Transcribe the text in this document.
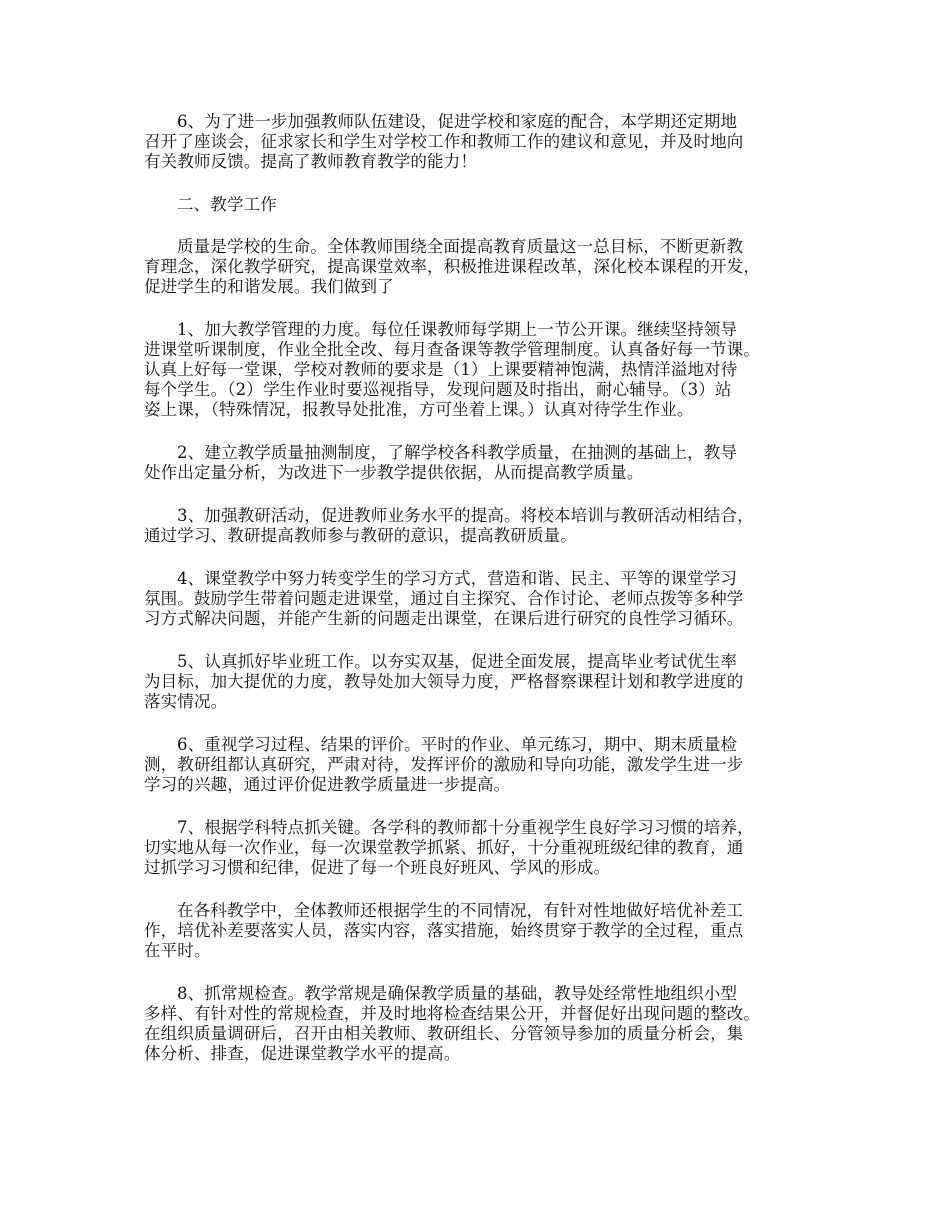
6、为了进一步加强教师队伍建设，促进学校和家庭的配合，本学期还定期地
召开了座谈会，征求家长和学生对学校工作和教师工作的建议和意见，并及时地向
有关教师反馈。提高了教师教育教学的能力！

二、教学工作

质量是学校的生命。全体教师围绕全面提高教育质量这一总目标，不断更新教
育理念，深化教学研究，提高课堂效率，积极推进课程改革，深化校本课程的开发，
促进学生的和谐发展。我们做到了

1、加大教学管理的力度。每位任课教师每学期上一节公开课。继续坚持领导
进课堂听课制度，作业全批全改、每月查备课等教学管理制度。认真备好每一节课。
认真上好每一堂课，学校对教师的要求是（1）上课要精神饱满，热情洋溢地对待
每个学生。（2）学生作业时要巡视指导，发现问题及时指出，耐心辅导。（3）站
姿上课，（特殊情况，报教导处批准，方可坐着上课。）认真对待学生作业。

2、建立教学质量抽测制度，了解学校各科教学质量，在抽测的基础上，教导
处作出定量分析，为改进下一步教学提供依据，从而提高教学质量。

3、加强教研活动，促进教师业务水平的提高。将校本培训与教研活动相结合，
通过学习、教研提高教师参与教研的意识，提高教研质量。

4、课堂教学中努力转变学生的学习方式，营造和谐、民主、平等的课堂学习
氛围。鼓励学生带着问题走进课堂，通过自主探究、合作讨论、老师点拨等多种学
习方式解决问题，并能产生新的问题走出课堂，在课后进行研究的良性学习循环。

5、认真抓好毕业班工作。以夯实双基，促进全面发展，提高毕业考试优生率
为目标，加大提优的力度，教导处加大领导力度，严格督察课程计划和教学进度的
落实情况。

6、重视学习过程、结果的评价。平时的作业、单元练习，期中、期末质量检
测，教研组都认真研究，严肃对待，发挥评价的激励和导向功能，激发学生进一步
学习的兴趣，通过评价促进教学质量进一步提高。

7、根据学科特点抓关键。各学科的教师都十分重视学生良好学习习惯的培养，
切实地从每一次作业，每一次课堂教学抓紧、抓好，十分重视班级纪律的教育，通
过抓学习习惯和纪律，促进了每一个班良好班风、学风的形成。

在各科教学中，全体教师还根据学生的不同情况，有针对性地做好培优补差工
作，培优补差要落实人员，落实内容，落实措施，始终贯穿于教学的全过程，重点
在平时。

8、抓常规检查。教学常规是确保教学质量的基础，教导处经常性地组织小型
多样、有针对性的常规检查，并及时地将检查结果公开，并督促好出现问题的整改。
在组织质量调研后，召开由相关教师、教研组长、分管领导参加的质量分析会，集
体分析、排查，促进课堂教学水平的提高。
